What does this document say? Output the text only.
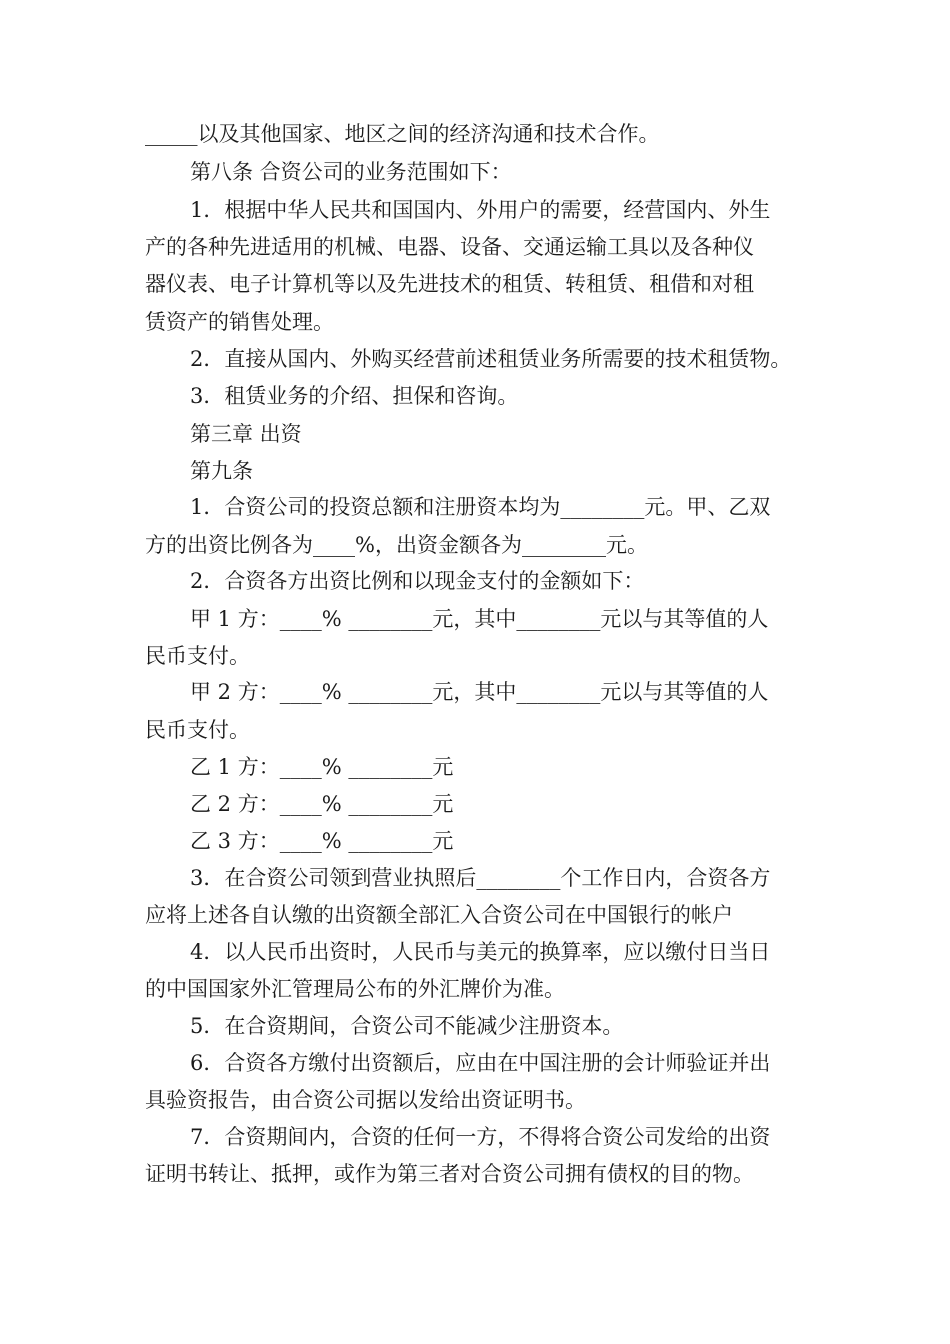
_____以及其他国家、地区之间的经济沟通和技术合作。
第八条 合资公司的业务范围如下：
1．根据中华人民共和国国内、外用户的需要，经营国内、外生
产的各种先进适用的机械、电器、设备、交通运输工具以及各种仪
器仪表、电子计算机等以及先进技术的租赁、转租赁、租借和对租
赁资产的销售处理。
2．直接从国内、外购买经营前述租赁业务所需要的技术租赁物。
3．租赁业务的介绍、担保和咨询。
第三章 出资
第九条
1．合资公司的投资总额和注册资本均为________元。甲、乙双
方的出资比例各为____%，出资金额各为________元。
2．合资各方出资比例和以现金支付的金额如下：
甲 1 方：____% ________元，其中________元以与其等值的人
民币支付。
甲 2 方：____% ________元，其中________元以与其等值的人
民币支付。
乙 1 方：____% ________元
乙 2 方：____% ________元
乙 3 方：____% ________元
3．在合资公司领到营业执照后________个工作日内，合资各方
应将上述各自认缴的出资额全部汇入合资公司在中国银行的帐户
4．以人民币出资时，人民币与美元的换算率，应以缴付日当日
的中国国家外汇管理局公布的外汇牌价为准。
5．在合资期间，合资公司不能减少注册资本。
6．合资各方缴付出资额后，应由在中国注册的会计师验证并出
具验资报告，由合资公司据以发给出资证明书。
7．合资期间内，合资的任何一方，不得将合资公司发给的出资
证明书转让、抵押，或作为第三者对合资公司拥有债权的目的物。
